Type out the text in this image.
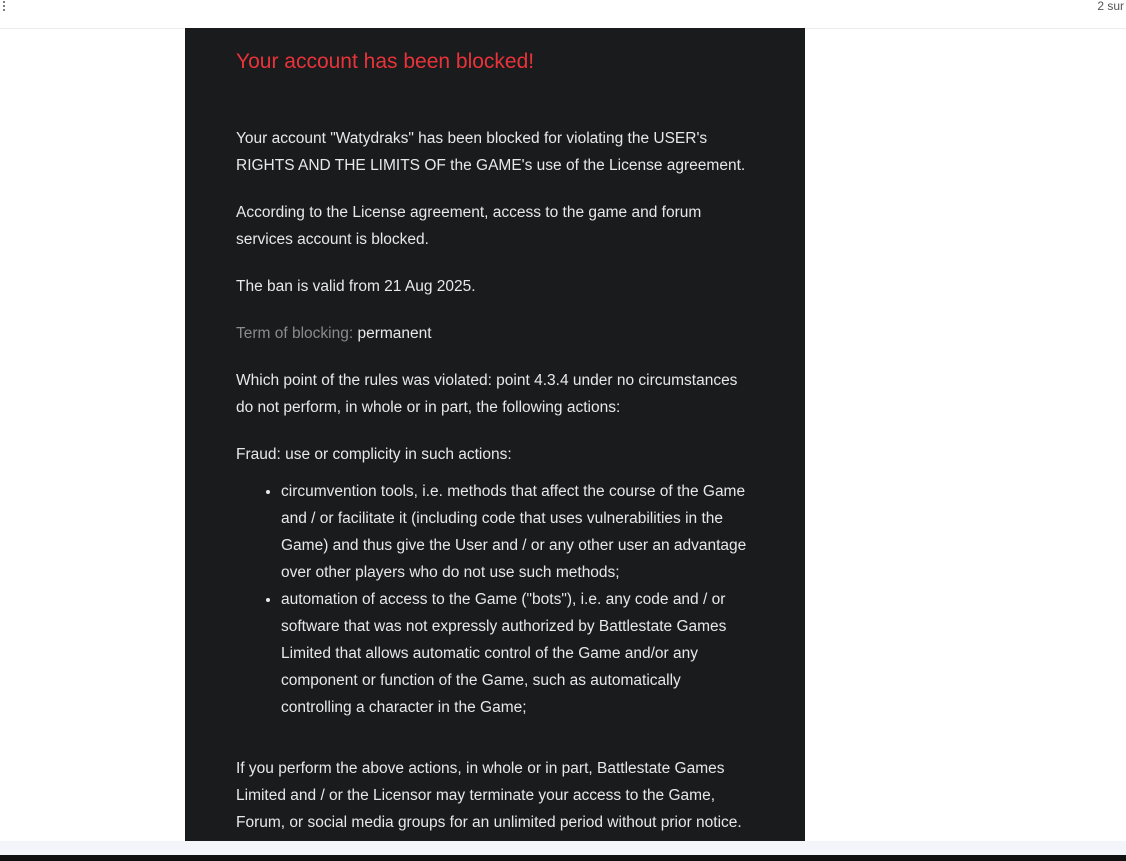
2 sur
Your account has been blocked!

Your account "Watydraks" has been blocked for violating the USER's RIGHTS AND THE LIMITS OF the GAME's use of the License agreement.

According to the License agreement, access to the game and forum services account is blocked.

The ban is valid from 21 Aug 2025.

Term of blocking: permanent

Which point of the rules was violated: point 4.3.4 under no circumstances do not perform, in whole or in part, the following actions:

Fraud: use or complicity in such actions:

• circumvention tools, i.e. methods that affect the course of the Game and / or facilitate it (including code that uses vulnerabilities in the Game) and thus give the User and / or any other user an advantage over other players who do not use such methods;
• automation of access to the Game ("bots"), i.e. any code and / or software that was not expressly authorized by Battlestate Games Limited that allows automatic control of the Game and/or any component or function of the Game, such as automatically controlling a character in the Game;

If you perform the above actions, in whole or in part, Battlestate Games Limited and / or the Licensor may terminate your access to the Game, Forum, or social media groups for an unlimited period without prior notice.
